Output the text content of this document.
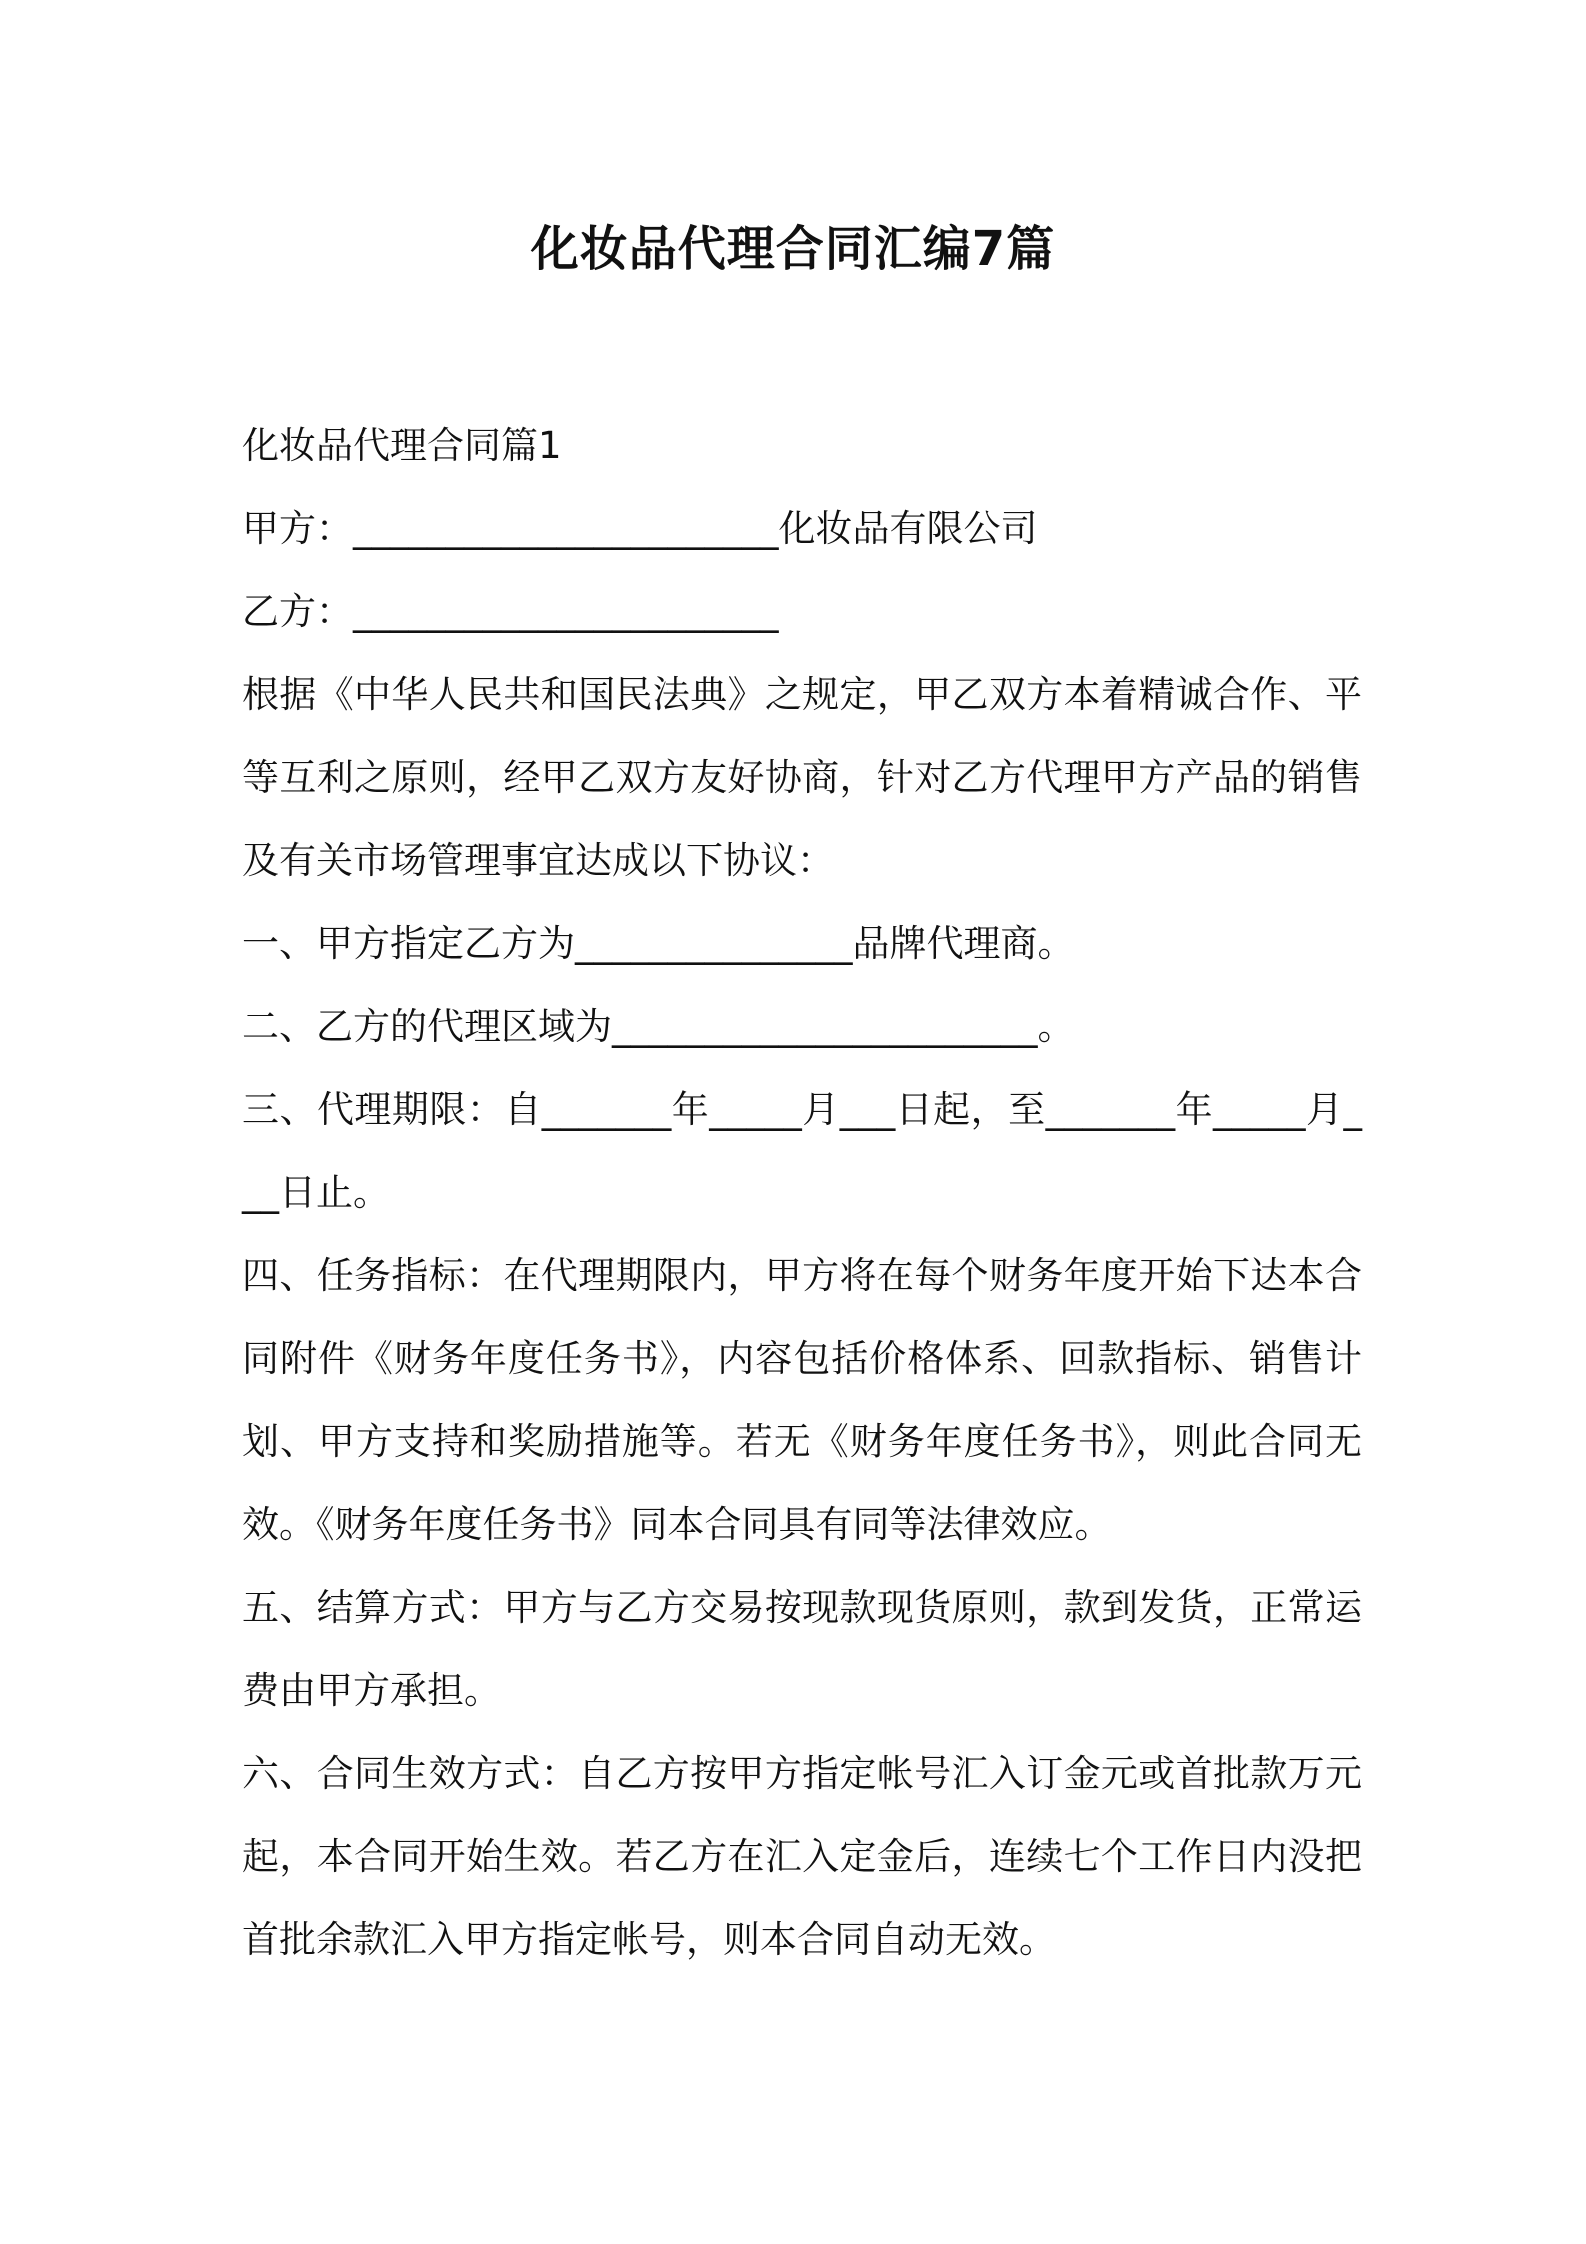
化妆品代理合同汇编7篇

化妆品代理合同篇1

甲方：_______________________化妆品有限公司

乙方：_______________________

根据《中华人民共和国民法典》之规定，甲乙双方本着精诚合作、平等互利之原则，经甲乙双方友好协商，针对乙方代理甲方产品的销售及有关市场管理事宜达成以下协议：

一、甲方指定乙方为_______________品牌代理商。

二、乙方的代理区域为_______________________。

三、代理期限：自_______年_____月___日起，至_______年_____月___日止。

四、任务指标：在代理期限内，甲方将在每个财务年度开始下达本合同附件《财务年度任务书》，内容包括价格体系、回款指标、销售计划、甲方支持和奖励措施等。若无《财务年度任务书》，则此合同无效。《财务年度任务书》同本合同具有同等法律效应。

五、结算方式：甲方与乙方交易按现款现货原则，款到发货，正常运费由甲方承担。

六、合同生效方式：自乙方按甲方指定帐号汇入订金元或首批款万元起，本合同开始生效。若乙方在汇入定金后，连续七个工作日内没把首批余款汇入甲方指定帐号，则本合同自动无效。
